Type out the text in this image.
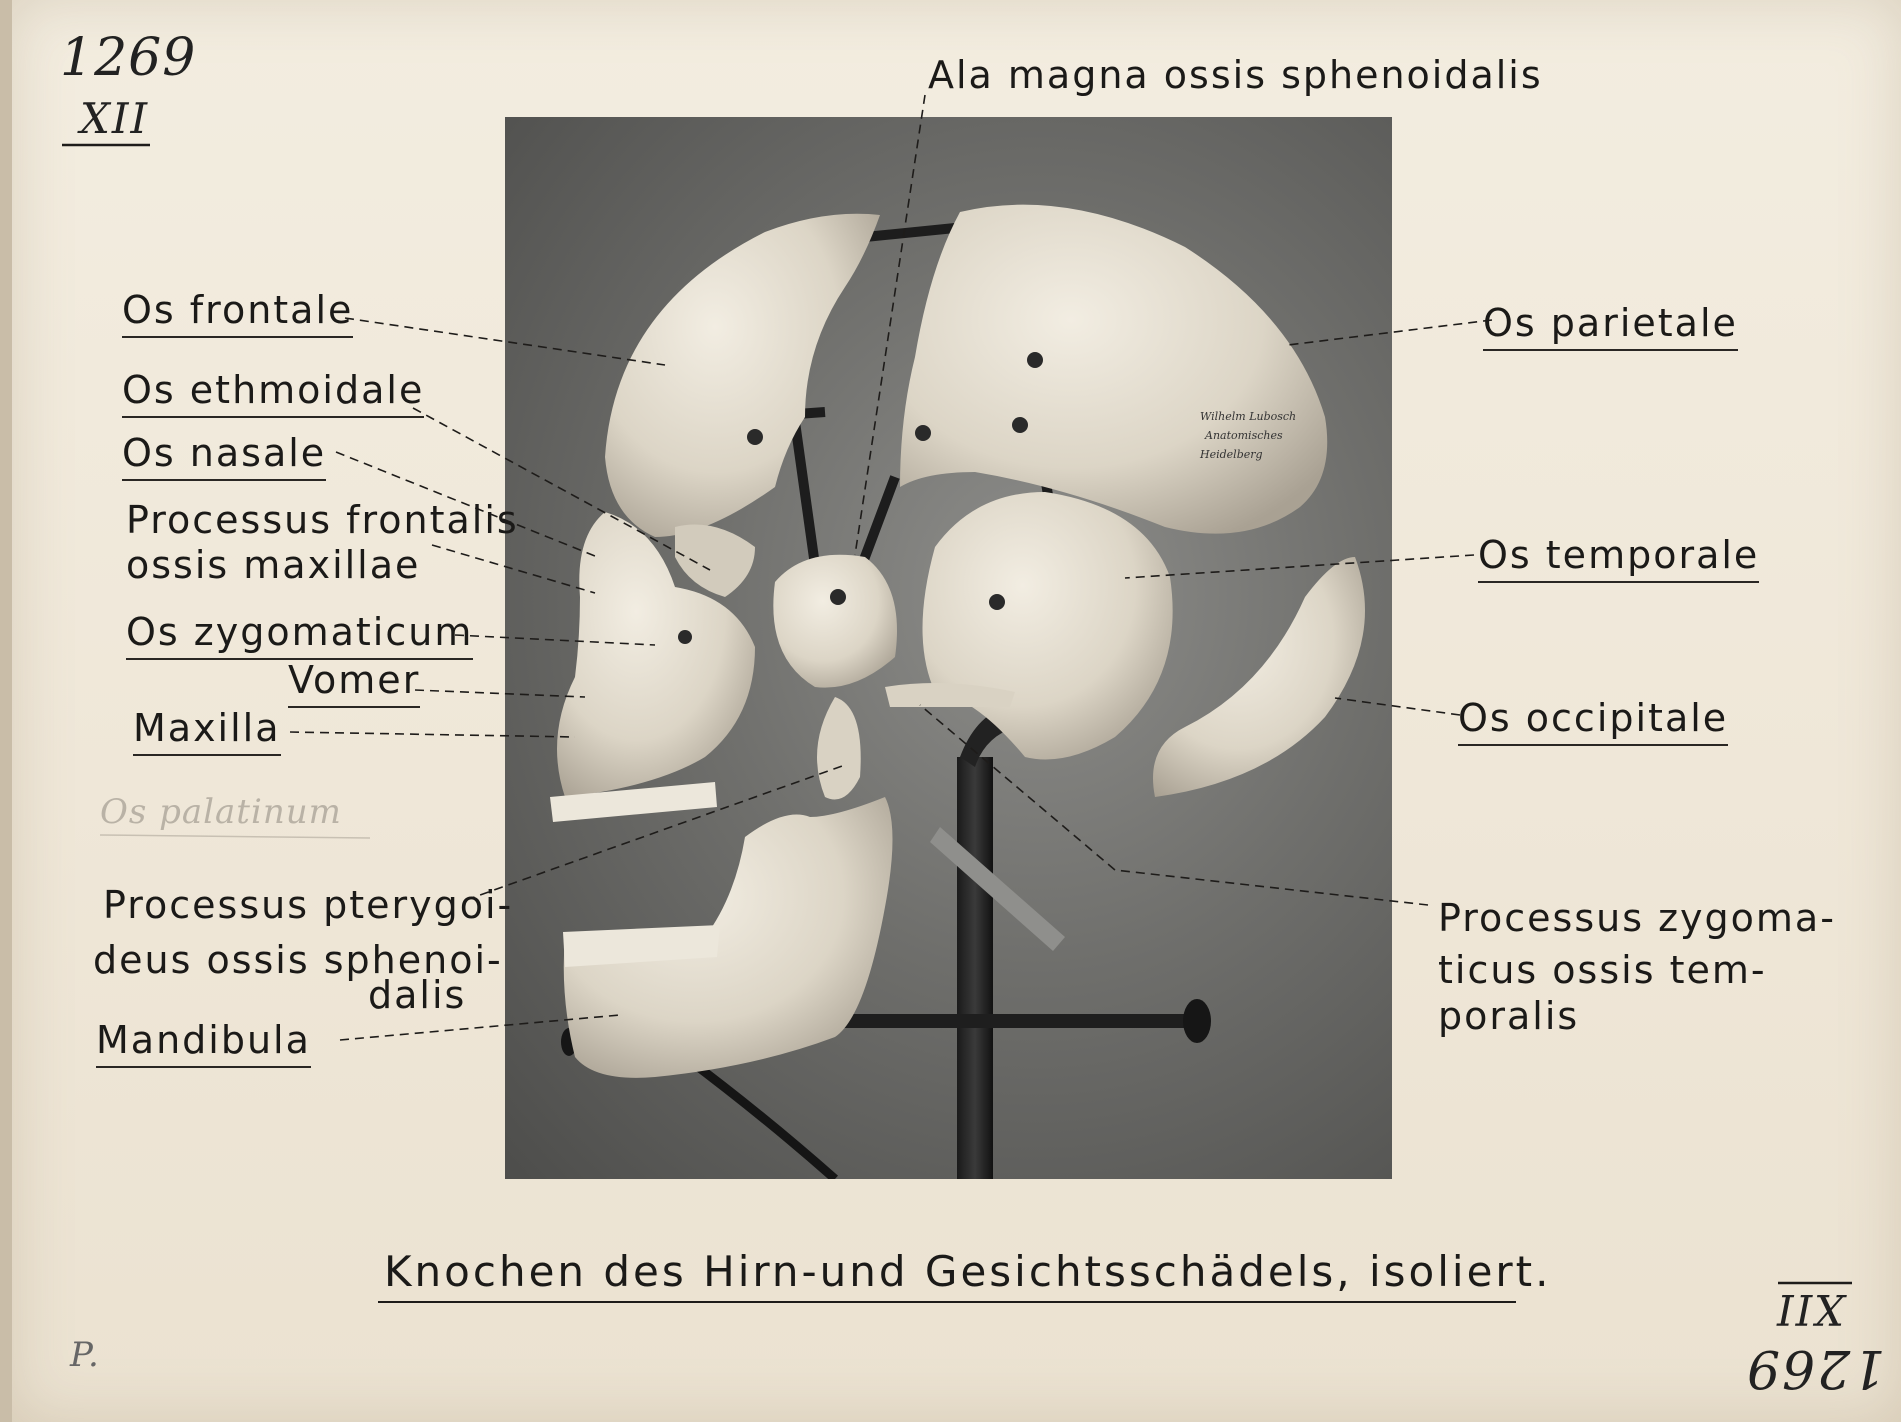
Wilhelm Lubosch
Anatomisches
Heidelberg
1269
XII
XII
1269
P.
Ala magna ossis sphenoidalis
Os frontale
Os ethmoidale
Os nasale
Processus frontalis
ossis maxillae
Os zygomaticum
Vomer
Maxilla
Os palatinum
Processus pterygoi-
deus ossis sphenoi-
dalis
Mandibula
Os parietale
Os temporale
Os occipitale
Processus zygoma-
ticus ossis tem-
poralis
Knochen des Hirn-und Gesichtsschädels, isoliert.
